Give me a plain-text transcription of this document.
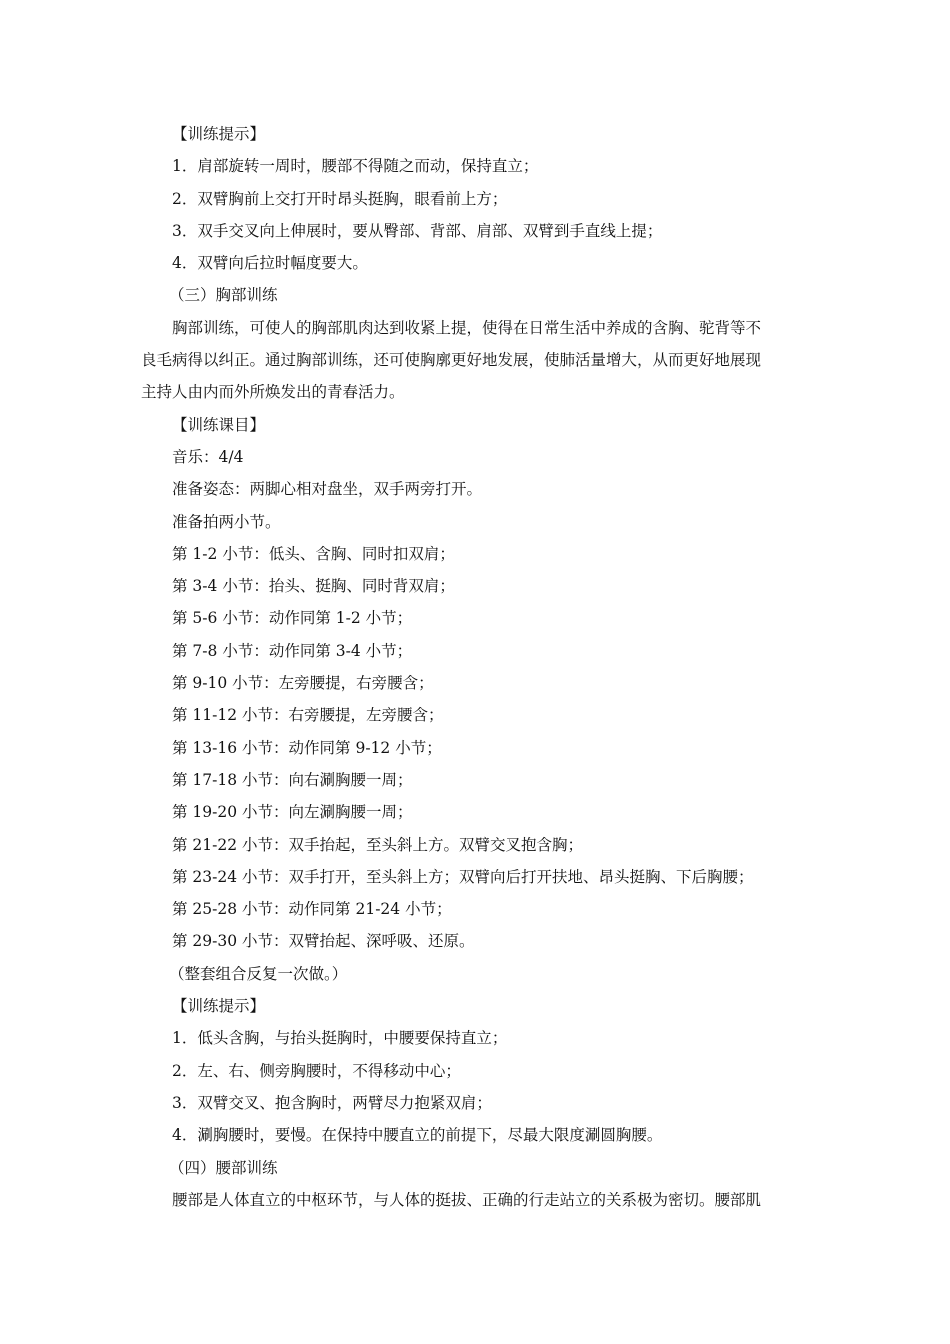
【训练提示】

1．肩部旋转一周时，腰部不得随之而动，保持直立；

2．双臂胸前上交打开时昂头挺胸，眼看前上方；

3．双手交叉向上伸展时，要从臀部、背部、肩部、双臂到手直线上提；

4．双臂向后拉时幅度要大。

（三）胸部训练

胸部训练，可使人的胸部肌肉达到收紧上提，使得在日常生活中养成的含胸、驼背等不

良毛病得以纠正。通过胸部训练，还可使胸廓更好地发展，使肺活量增大，从而更好地展现

主持人由内而外所焕发出的青春活力。

【训练课目】

音乐：4/4

准备姿态：两脚心相对盘坐，双手两旁打开。

准备拍两小节。

第 1-2 小节：低头、含胸、同时扣双肩；

第 3-4 小节：抬头、挺胸、同时背双肩；

第 5-6 小节：动作同第 1-2 小节；

第 7-8 小节：动作同第 3-4 小节；

第 9-10 小节：左旁腰提，右旁腰含；

第 11-12 小节：右旁腰提，左旁腰含；

第 13-16 小节：动作同第 9-12 小节；

第 17-18 小节：向右涮胸腰一周；

第 19-20 小节：向左涮胸腰一周；

第 21-22 小节：双手抬起，至头斜上方。双臂交叉抱含胸；

第 23-24 小节：双手打开，至头斜上方；双臂向后打开扶地、昂头挺胸、下后胸腰；

第 25-28 小节：动作同第 21-24 小节；

第 29-30 小节：双臂抬起、深呼吸、还原。

（整套组合反复一次做。）

【训练提示】

1．低头含胸，与抬头挺胸时，中腰要保持直立；

2．左、右、侧旁胸腰时，不得移动中心；

3．双臂交叉、抱含胸时，两臂尽力抱紧双肩；

4．涮胸腰时，要慢。在保持中腰直立的前提下，尽最大限度涮圆胸腰。

（四）腰部训练

腰部是人体直立的中枢环节，与人体的挺拔、正确的行走站立的关系极为密切。腰部肌
